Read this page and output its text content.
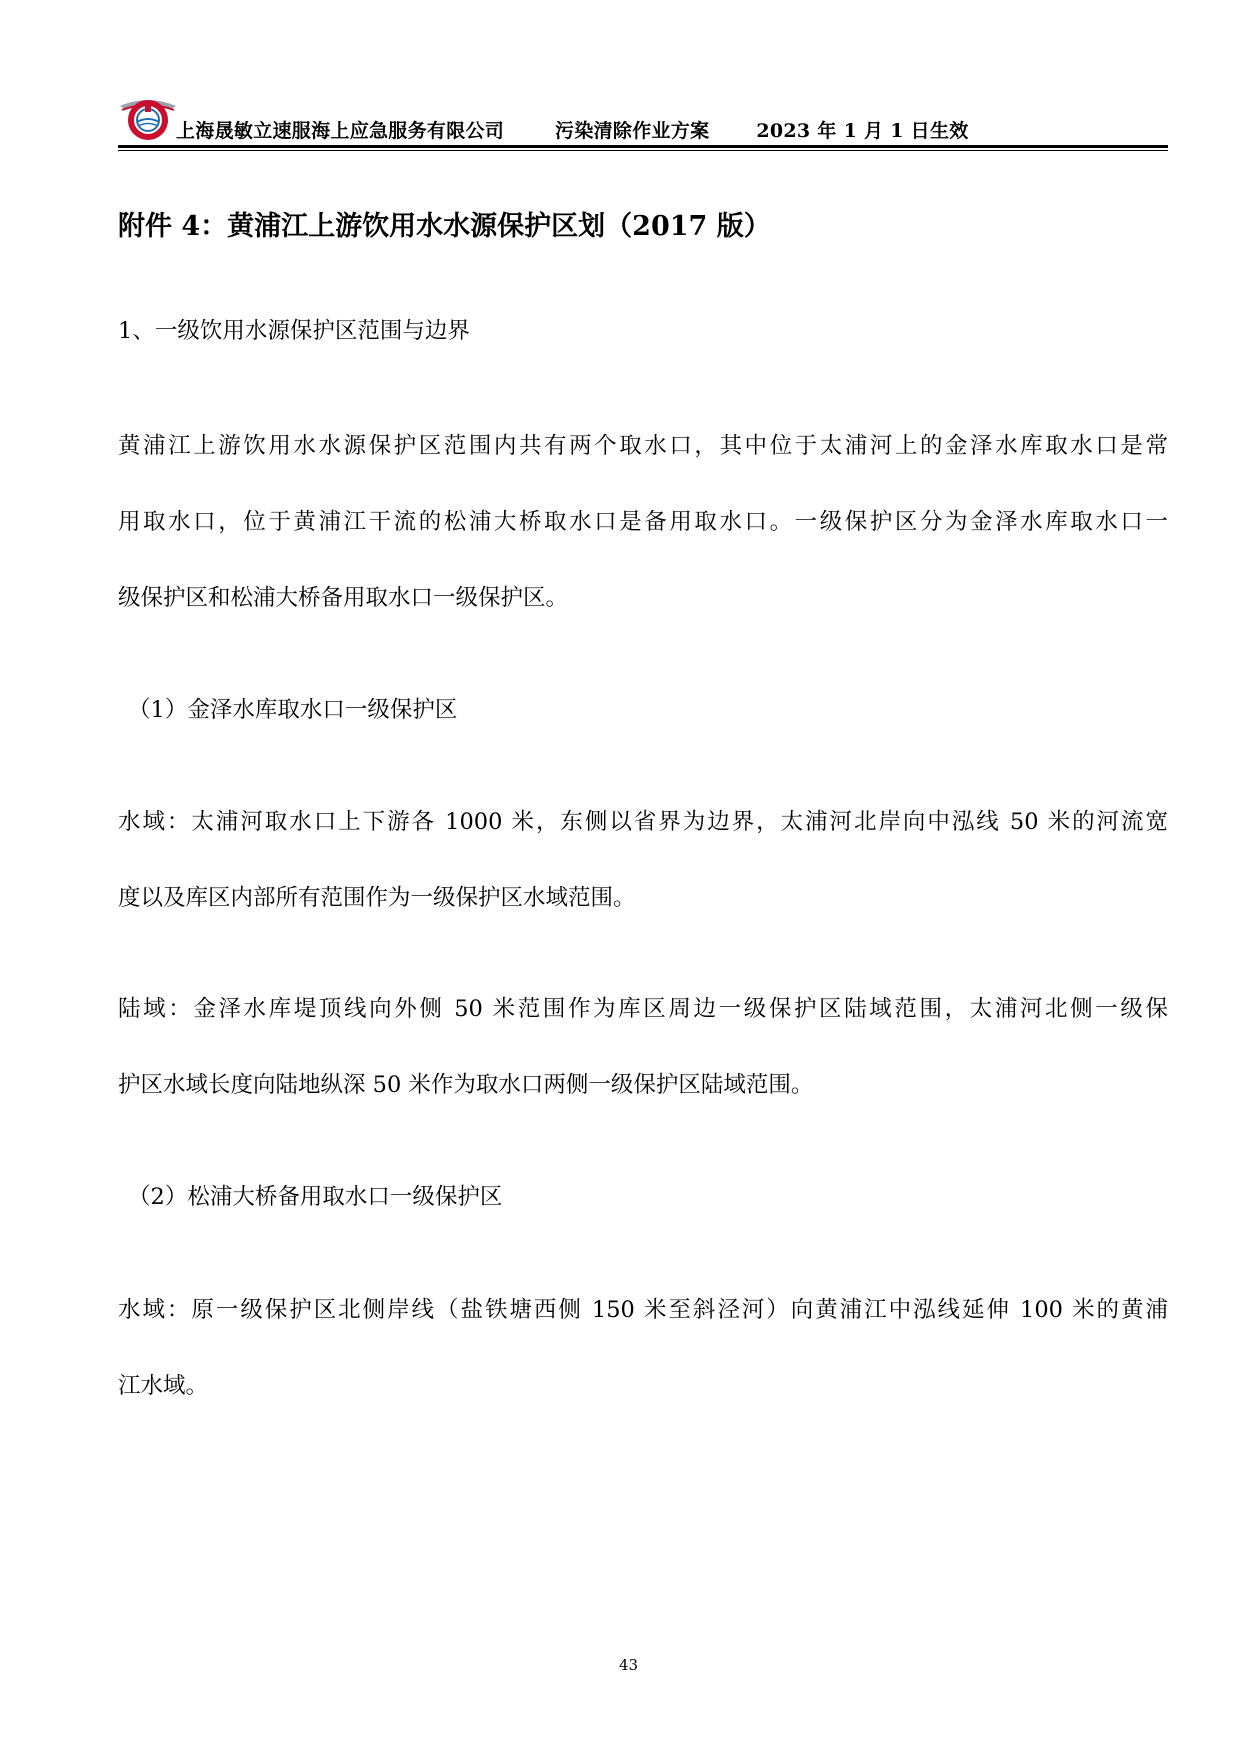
上海晟敏立速服海上应急服务有限公司	污染清除作业方案 2023 年 1 月 1 日生效
附件 4：黄浦江上游饮用水水源保护区划（2017 版）
1、一级饮用水源保护区范围与边界
黄浦江上游饮用水水源保护区范围内共有两个取水口，其中位于太浦河上的金泽水库取水口是常
用取水口，位于黄浦江干流的松浦大桥取水口是备用取水口。一级保护区分为金泽水库取水口一
级保护区和松浦大桥备用取水口一级保护区。
（1）金泽水库取水口一级保护区
水域：太浦河取水口上下游各 1000 米，东侧以省界为边界，太浦河北岸向中泓线 50 米的河流宽
度以及库区内部所有范围作为一级保护区水域范围。
陆域：金泽水库堤顶线向外侧 50 米范围作为库区周边一级保护区陆域范围，太浦河北侧一级保
护区水域长度向陆地纵深 50 米作为取水口两侧一级保护区陆域范围。
（2）松浦大桥备用取水口一级保护区
水域：原一级保护区北侧岸线（盐铁塘西侧 150 米至斜泾河）向黄浦江中泓线延伸 100 米的黄浦
江水域。
43
